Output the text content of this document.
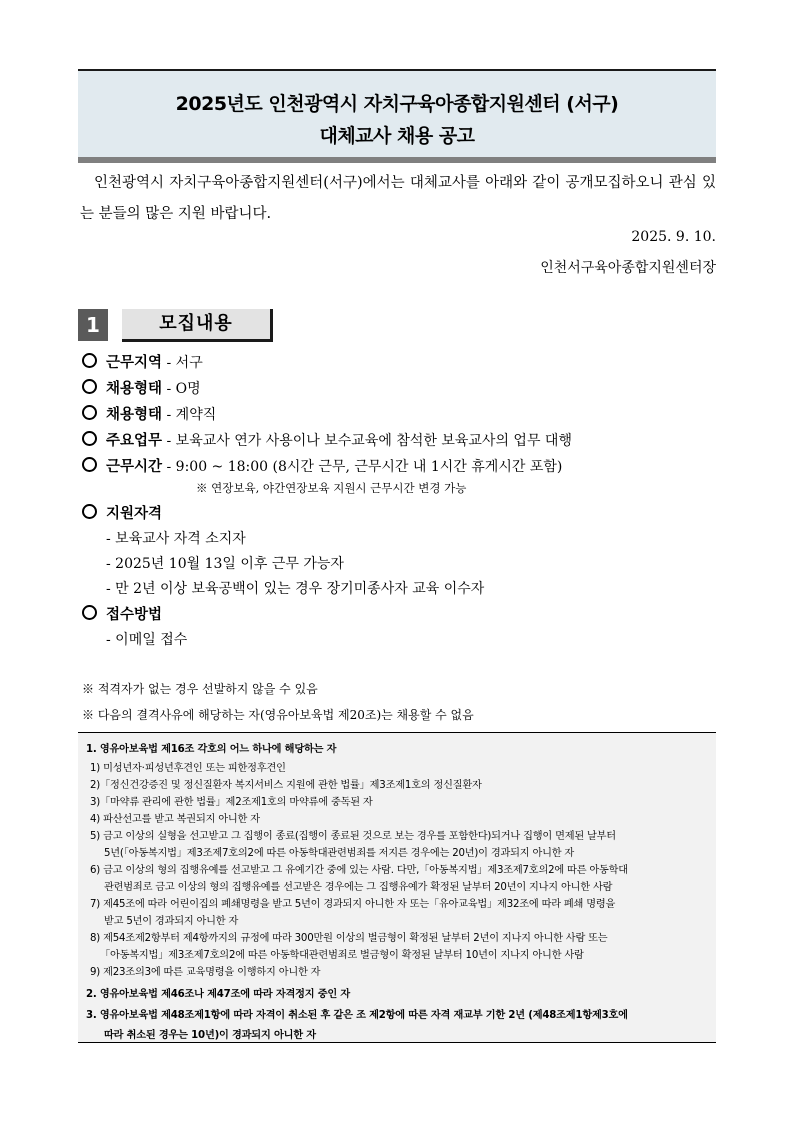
2025년도 인천광역시 자치구육아종합지원센터 (서구)
대체교사 채용 공고
인천광역시 자치구육아종합지원센터(서구)에서는 대체교사를 아래와 같이 공개모집하오니 관심 있는 분들의 많은 지원 바랍니다.
2025. 9. 10.
인천서구육아종합지원센터장
1	모집내용
근무지역 - 서구
채용형태 - O명
채용형태 - 계약직
주요업무 - 보육교사 연가 사용이나 보수교육에 참석한 보육교사의 업무 대행
근무시간 - 9:00 ~ 18:00 (8시간 근무, 근무시간 내 1시간 휴게시간 포함)
※ 연장보육, 야간연장보육 지원시 근무시간 변경 가능
지원자격
- 보육교사 자격 소지자
- 2025년 10월 13일 이후 근무 가능자
- 만 2년 이상 보육공백이 있는 경우 장기미종사자 교육 이수자
접수방법
- 이메일 접수
※ 적격자가 없는 경우 선발하지 않을 수 있음
※ 다음의 결격사유에 해당하는 자(영유아보육법 제20조)는 채용할 수 없음
1. 영유아보육법 제16조 각호의 어느 하나에 해당하는 자
1) 미성년자·피성년후견인 또는 피한정후견인
2)「정신건강증진 및 정신질환자 복지서비스 지원에 관한 법률」제3조제1호의 정신질환자
3)「마약류 관리에 관한 법률」제2조제1호의 마약류에 중독된 자
4) 파산선고를 받고 복권되지 아니한 자
5) 금고 이상의 실형을 선고받고 그 집행이 종료(집행이 종료된 것으로 보는 경우를 포함한다)되거나 집행이 면제된 날부터
5년(「아동복지법」제3조제7호의2에 따른 아동학대관련범죄를 저지른 경우에는 20년)이 경과되지 아니한 자
6) 금고 이상의 형의 집행유예를 선고받고 그 유예기간 중에 있는 사람. 다만,「아동복지법」제3조제7호의2에 따른 아동학대
관련범죄로 금고 이상의 형의 집행유예를 선고받은 경우에는 그 집행유예가 확정된 날부터 20년이 지나지 아니한 사람
7) 제45조에 따라 어린이집의 폐쇄명령을 받고 5년이 경과되지 아니한 자 또는「유아교육법」제32조에 따라 폐쇄 명령을
받고 5년이 경과되지 아니한 자
8) 제54조제2항부터 제4항까지의 규정에 따라 300만원 이상의 벌금형이 확정된 날부터 2년이 지나지 아니한 사람 또는
「아동복지법」제3조제7호의2에 따른 아동학대관련범죄로 벌금형이 확정된 날부터 10년이 지나지 아니한 사람
9) 제23조의3에 따른 교육명령을 이행하지 아니한 자
2. 영유아보육법 제46조나 제47조에 따라 자격정지 중인 자
3. 영유아보육법 제48조제1항에 따라 자격이 취소된 후 같은 조 제2항에 따른 자격 재교부 기한 2년 (제48조제1항제3호에
따라 취소된 경우는 10년)이 경과되지 아니한 자
